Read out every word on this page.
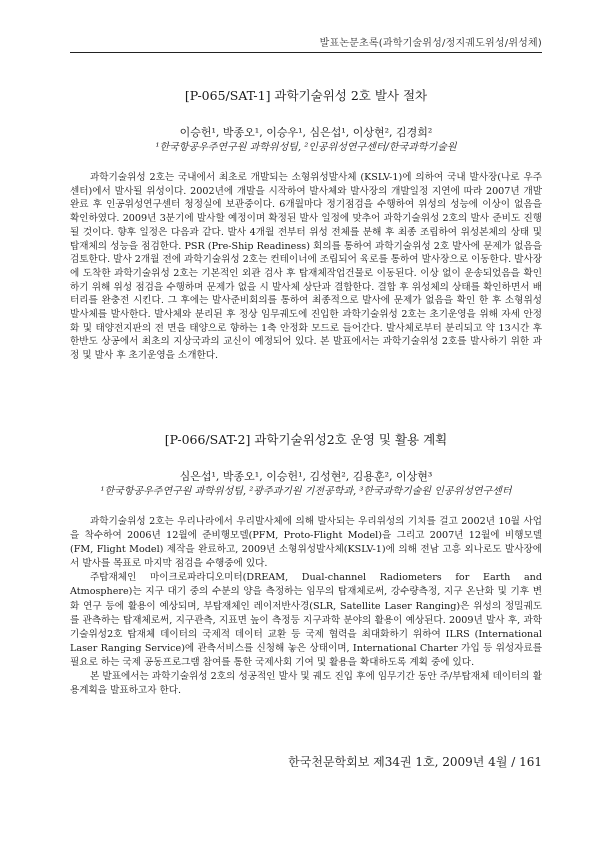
발표논문초록(과학기술위성/정지궤도위성/위성체)
[P-065/SAT-1] 과학기술위성 2호 발사 절차

이승헌¹, 박종오¹, 이승우¹, 심은섭¹, 이상현², 김경희²

¹한국항공우주연구원 과학위성팀, ²인공위성연구센터/한국과학기술원

과학기술위성 2호는 국내에서 최초로 개발되는 소형위성발사체 (KSLV-1)에 의하여 국내 발사장(나로 우주센터)에서 발사될 위성이다. 2002년에 개발을 시작하여 발사체와 발사장의 개발일정 지연에 따라 2007년 개발 완료 후 인공위성연구센터 청정실에 보관중이다. 6개월마다 정기점검을 수행하여 위성의 성능에 이상이 없음을 확인하였다. 2009년 3분기에 발사할 예정이며 확정된 발사 일정에 맞추어 과학기술위성 2호의 발사 준비도 진행될 것이다. 향후 일정은 다음과 같다. 발사 4개월 전부터 위성 전체를 분해 후 최종 조립하여 위성본체의 상태 및 탑재체의 성능을 점검한다. PSR (Pre-Ship Readiness) 회의를 통하여 과학기술위성 2호 발사에 문제가 없음을 검토한다. 발사 2개월 전에 과학기술위성 2호는 컨테이너에 조립되어 육로를 통하여 발사장으로 이동한다. 발사장에 도착한 과학기술위성 2호는 기본적인 외관 검사 후 탑재체작업건물로 이동된다. 이상 없이 운송되었음을 확인하기 위해 위성 점검을 수행하며 문제가 없을 시 발사체 상단과 결합한다. 결합 후 위성체의 상태를 확인하면서 배터리를 완충전 시킨다. 그 후에는 발사준비회의를 통하여 최종적으로 발사에 문제가 없음을 확인 한 후 소형위성 발사체를 발사한다. 발사체와 분리된 후 정상 임무궤도에 진입한 과학기술위성 2호는 초기운영을 위해 자세 안정화 및 태양전지판의 전 면을 태양으로 향하는 1축 안정화 모드로 들어간다. 발사체로부터 분리되고 약 13시간 후 한반도 상공에서 최초의 지상국과의 교신이 예정되어 있다. 본 발표에서는 과학기술위성 2호를 발사하기 위한 과정 및 발사 후 초기운영을 소개한다.

[P-066/SAT-2] 과학기술위성2호 운영 및 활용 계획

심은섭¹, 박종오¹, 이승헌¹, 김성현², 김용훈², 이상현³

¹한국항공우주연구원 과학위성팀, ²광주과기원 기전공학과, ³한국과학기술원 인공위성연구센터

과학기술위성 2호는 우리나라에서 우리발사체에 의해 발사되는 우리위성의 기치를 걸고 2002년 10월 사업을 착수하여 2006년 12월에 준비행모델(PFM, Proto-Flight Model)을 그리고 2007년 12월에 비행모델(FM, Flight Model) 제작을 완료하고, 2009년 소형위성발사체(KSLV-1)에 의해 전남 고흥 외나로도 발사장에서 발사를 목표로 마지막 점검을 수행중에 있다.

주탑재체인 마이크로파라디오미터(DREAM, Dual-channel Radiometers for Earth and Atmosphere)는 지구 대기 중의 수분의 양을 측정하는 임무의 탑재체로써, 강수량측정, 지구 온난화 및 기후 변화 연구 등에 활용이 예상되며, 부탑재체인 레이저반사경(SLR, Satellite Laser Ranging)은 위성의 정밀궤도를 관측하는 탑재체로써, 지구관측, 지표면 높이 측정등 지구과학 분야의 활용이 예상된다. 2009년 발사 후, 과학기술위성2호 탑재체 데이터의 국제적 데이터 교환 등 국제 협력을 최대화하기 위하여 ILRS (International Laser Ranging Service)에 관측서비스를 신청해 놓은 상태이며, International Charter 가입 등 위성자료를 필요로 하는 국제 공동프로그램 참여를 통한 국제사회 기여 및 활용을 확대하도록 계획 중에 있다.

본 발표에서는 과학기술위성 2호의 성공적인 발사 및 궤도 진입 후에 임무기간 동안 주/부탑재체 데이터의 활용계획을 발표하고자 한다.

한국천문학회보 제34권 1호, 2009년 4월 / 161
